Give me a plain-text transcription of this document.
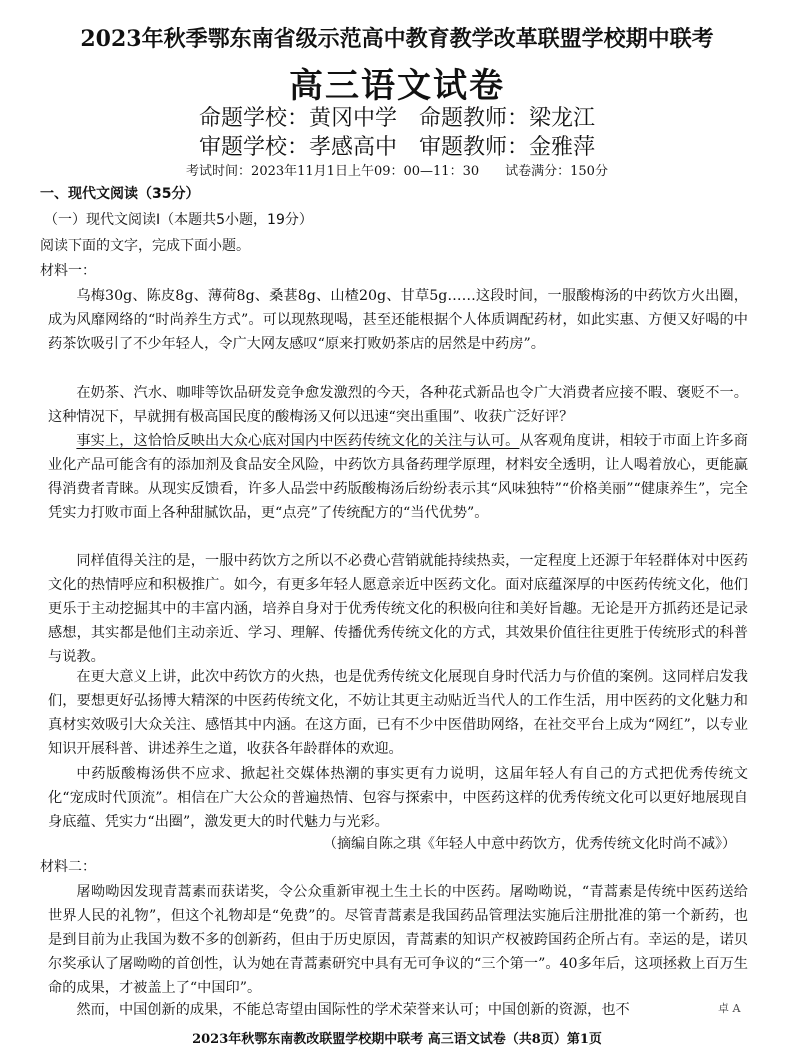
2023年秋季鄂东南省级示范高中教育教学改革联盟学校期中联考
高三语文试卷
命题学校：黄冈中学 命题教师：梁龙江
审题学校：孝感高中 审题教师：金雅萍
考试时间：2023年11月1日上午09：00—11：30 试卷满分：150分
一、现代文阅读（35分）
（一）现代文阅读Ⅰ（本题共5小题，19分）
阅读下面的文字，完成下面小题。
材料一：
乌梅30g、陈皮8g、薄荷8g、桑葚8g、山楂20g、甘草5g……这段时间，一服酸梅汤的中药饮方火出圈，成为风靡网络的“时尚养生方式”。可以现熬现喝，甚至还能根据个人体质调配药材，如此实惠、方便又好喝的中药茶饮吸引了不少年轻人，令广大网友感叹“原来打败奶茶店的居然是中药房”。
在奶茶、汽水、咖啡等饮品研发竞争愈发激烈的今天，各种花式新品也令广大消费者应接不暇、褒贬不一。这种情况下，早就拥有极高国民度的酸梅汤又何以迅速“突出重围”、收获广泛好评？
事实上，这恰恰反映出大众心底对国内中医药传统文化的关注与认可。从客观角度讲，相较于市面上许多商业化产品可能含有的添加剂及食品安全风险，中药饮方具备药理学原理，材料安全透明，让人喝着放心，更能赢得消费者青睐。从现实反馈看，许多人品尝中药版酸梅汤后纷纷表示其“风味独特”“价格美丽”“健康养生”，完全凭实力打败市面上各种甜腻饮品，更“点亮”了传统配方的“当代优势”。
同样值得关注的是，一服中药饮方之所以不必费心营销就能持续热卖，一定程度上还源于年轻群体对中医药文化的热情呼应和积极推广。如今，有更多年轻人愿意亲近中医药文化。面对底蕴深厚的中医药传统文化，他们更乐于主动挖掘其中的丰富内涵，培养自身对于优秀传统文化的积极向往和美好旨趣。无论是开方抓药还是记录感想，其实都是他们主动亲近、学习、理解、传播优秀传统文化的方式，其效果价值往往更胜于传统形式的科普与说教。
在更大意义上讲，此次中药饮方的火热，也是优秀传统文化展现自身时代活力与价值的案例。这同样启发我们，要想更好弘扬博大精深的中医药传统文化，不妨让其更主动贴近当代人的工作生活，用中医药的文化魅力和真材实效吸引大众关注、感悟其中内涵。在这方面，已有不少中医借助网络，在社交平台上成为“网红”，以专业知识开展科普、讲述养生之道，收获各年龄群体的欢迎。
中药版酸梅汤供不应求、掀起社交媒体热潮的事实更有力说明，这届年轻人有自己的方式把优秀传统文化“宠成时代顶流”。相信在广大公众的普遍热情、包容与探索中，中医药这样的优秀传统文化可以更好地展现自身底蕴、凭实力“出圈”，激发更大的时代魅力与光彩。
（摘编自陈之琪《年轻人中意中药饮方，优秀传统文化时尚不减》）
材料二：
屠呦呦因发现青蒿素而获诺奖，令公众重新审视土生土长的中医药。屠呦呦说，“青蒿素是传统中医药送给世界人民的礼物”，但这个礼物却是“免费”的。尽管青蒿素是我国药品管理法实施后注册批准的第一个新药，也是到目前为止我国为数不多的创新药，但由于历史原因，青蒿素的知识产权被跨国药企所占有。幸运的是，诺贝尔奖承认了屠呦呦的首创性，认为她在青蒿素研究中具有无可争议的“三个第一”。40多年后，这项拯救上百万生命的成果，才被盖上了“中国印”。
然而，中国创新的成果，不能总寄望由国际性的学术荣誉来认可；中国创新的资源，也不	卓 A
2023年秋鄂东南教改联盟学校期中联考 高三语文试卷（共8页）第1页
